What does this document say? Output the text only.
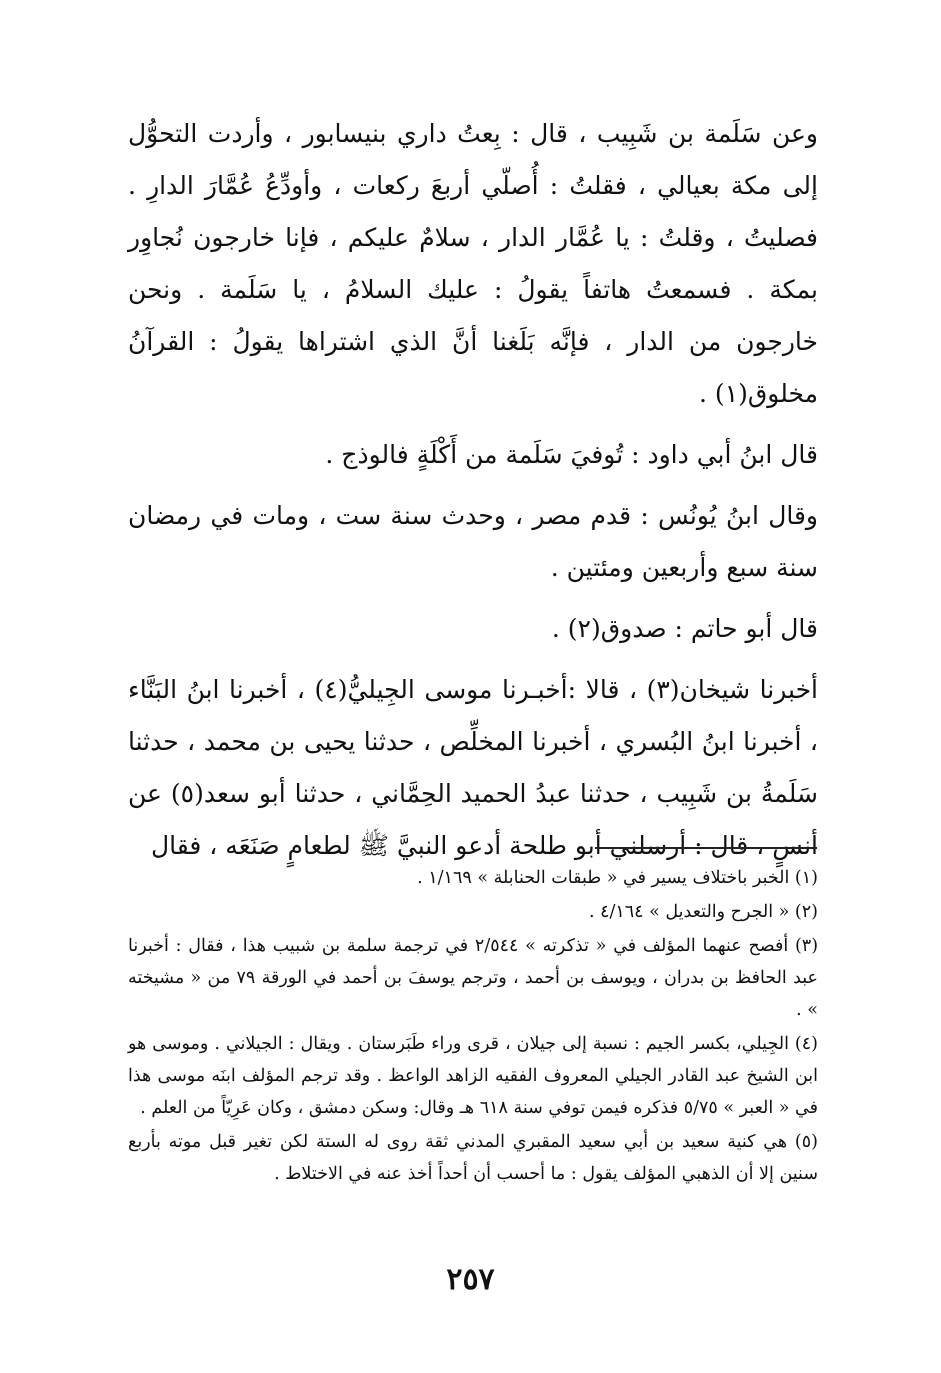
وعن سَلَمة بن شَبِيب ، قال : بِعتُ داري بنيسابور ، وأردت التحوُّل إلى مكة بعيالي ، فقلتُ : أُصلّي أربعَ ركعات ، وأودِّعُ عُمَّارَ الدارِ . فصليتُ ، وقلتُ : يا عُمَّار الدار ، سلامٌ عليكم ، فإنا خارجون نُجاوِر بمكة . فسمعتُ هاتفاً يقولُ : عليك السلامُ ، يا سَلَمة . ونحن خارجون من الدار ، فإنَّه بَلَغنا أنَّ الذي اشتراها يقولُ : القرآنُ مخلوق(١) .

قال ابنُ أبي داود : تُوفيَ سَلَمة من أَكْلَةٍ فالوذج .

وقال ابنُ يُونُس : قدم مصر ، وحدث سنة ست ، ومات في رمضان سنة سبع وأربعين ومئتين .

قال أبو حاتم : صدوق(٢) .

أخبرنا شيخان(٣) ، قالا :أخبـرنا موسى الجِيليُّ(٤) ، أخبرنا ابنُ البَنَّاء ، أخبرنا ابنُ البُسري ، أخبرنا المخلِّص ، حدثنا يحيى بن محمد ، حدثنا سَلَمةُ بن شَبِيب ، حدثنا عبدُ الحميد الحِمَّاني ، حدثنا أبو سعد(٥) عن أنسٍ ، قال : أرسلني أبو طلحة أدعو النبيَّ ﷺ لطعامٍ صَنَعَه ، فقال

(١) الخبر باختلاف يسير في « طبقات الحنابلة » ١/١٦٩ .

(٢) « الجرح والتعديل » ٤/١٦٤ .

(٣) أفصح عنهما المؤلف في « تذكرته » ٢/٥٤٤ في ترجمة سلمة بن شبيب هذا ، فقال : أخبرنا عبد الحافظ بن بدران ، ويوسف بن أحمد ، وترجم يوسفَ بن أحمد في الورقة ٧٩ من « مشيخته » .

(٤) الجِيلي، بكسر الجيم : نسبة إلى جيلان ، قرى وراء طَبَرستان . ويقال : الجيلاني . وموسى هو ابن الشيخ عبد القادر الجيلي المعروف الفقيه الزاهد الواعظ . وقد ترجم المؤلف ابنَه موسى هذا في « العبر » ٥/٧٥ فذكره فيمن توفي سنة ٦١٨ هـ وقال: وسكن دمشق ، وكان عَرِيّاً من العلم .

(٥) هي كنية سعيد بن أبي سعيد المقبري المدني ثقة روى له الستة لكن تغير قبل موته بأربع سنين إلا أن الذهبي المؤلف يقول : ما أحسب أن أحداً أخذ عنه في الاختلاط .

٢٥٧
